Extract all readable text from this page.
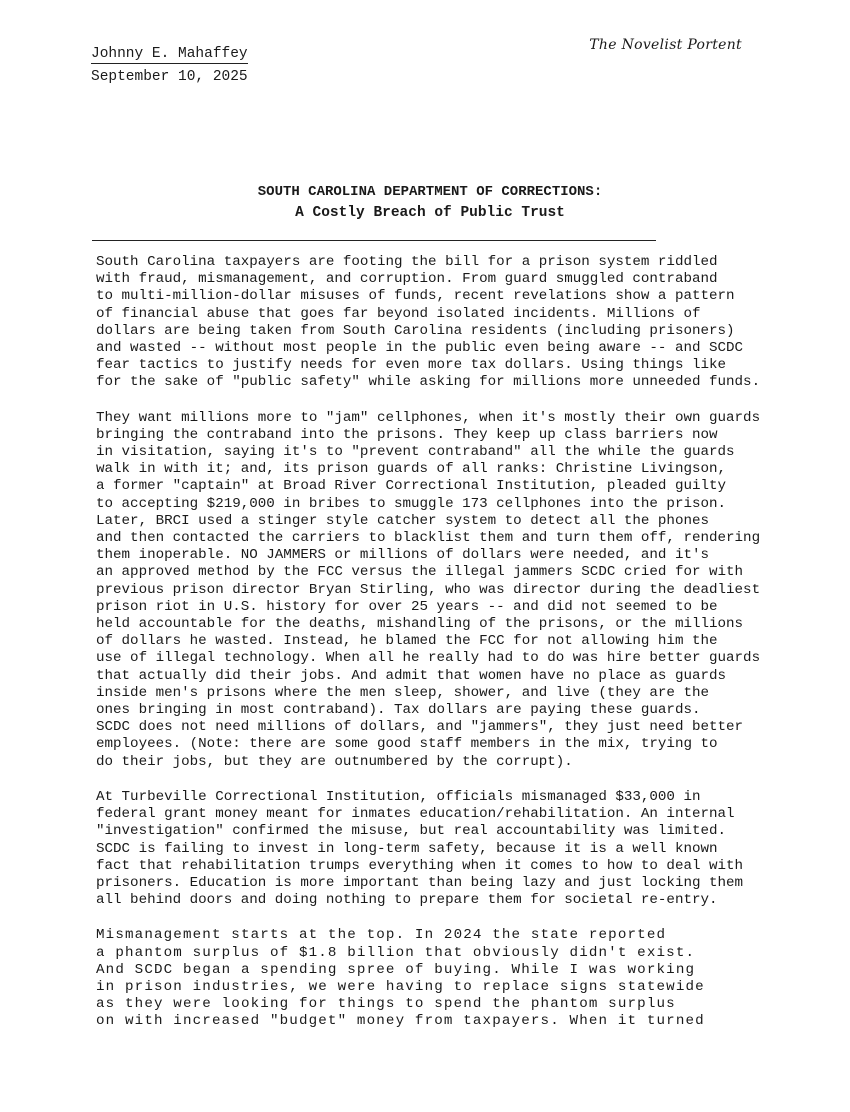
Johnny E. Mahaffey
September 10, 2025
The Novelist Portent
SOUTH CAROLINA DEPARTMENT OF CORRECTIONS:
A Costly Breach of Public Trust
South Carolina taxpayers are footing the bill for a prison system riddled
with fraud, mismanagement, and corruption. From guard smuggled contraband
to multi-million-dollar misuses of funds, recent revelations show a pattern
of financial abuse that goes far beyond isolated incidents. Millions of
dollars are being taken from South Carolina residents (including prisoners)
and wasted -- without most people in the public even being aware -- and SCDC
fear tactics to justify needs for even more tax dollars. Using things like
for the sake of "public safety" while asking for millions more unneeded funds.
They want millions more to "jam" cellphones, when it's mostly their own guards
bringing the contraband into the prisons. They keep up class barriers now
in visitation, saying it's to "prevent contraband" all the while the guards
walk in with it; and, its prison guards of all ranks: Christine Livingson,
a former "captain" at Broad River Correctional Institution, pleaded guilty
to accepting $219,000 in bribes to smuggle 173 cellphones into the prison.
Later, BRCI used a stinger style catcher system to detect all the phones
and then contacted the carriers to blacklist them and turn them off, rendering
them inoperable. NO JAMMERS or millions of dollars were needed, and it's
an approved method by the FCC versus the illegal jammers SCDC cried for with
previous prison director Bryan Stirling, who was director during the deadliest
prison riot in U.S. history for over 25 years -- and did not seemed to be
held accountable for the deaths, mishandling of the prisons, or the millions
of dollars he wasted. Instead, he blamed the FCC for not allowing him the
use of illegal technology. When all he really had to do was hire better guards
that actually did their jobs. And admit that women have no place as guards
inside men's prisons where the men sleep, shower, and live (they are the
ones bringing in most contraband). Tax dollars are paying these guards.
SCDC does not need millions of dollars, and "jammers", they just need better
employees. (Note: there are some good staff members in the mix, trying to
do their jobs, but they are outnumbered by the corrupt).
At Turbeville Correctional Institution, officials mismanaged $33,000 in
federal grant money meant for inmates education/rehabilitation. An internal
"investigation" confirmed the misuse, but real accountability was limited.
SCDC is failing to invest in long-term safety, because it is a well known
fact that rehabilitation trumps everything when it comes to how to deal with
prisoners. Education is more important than being lazy and just locking them
all behind doors and doing nothing to prepare them for societal re-entry.
Mismanagement starts at the top. In 2024 the state reported
a phantom surplus of $1.8 billion that obviously didn't exist.
And SCDC began a spending spree of buying. While I was working
in prison industries, we were having to replace signs statewide
as they were looking for things to spend the phantom surplus
on with increased "budget" money from taxpayers. When it turned
